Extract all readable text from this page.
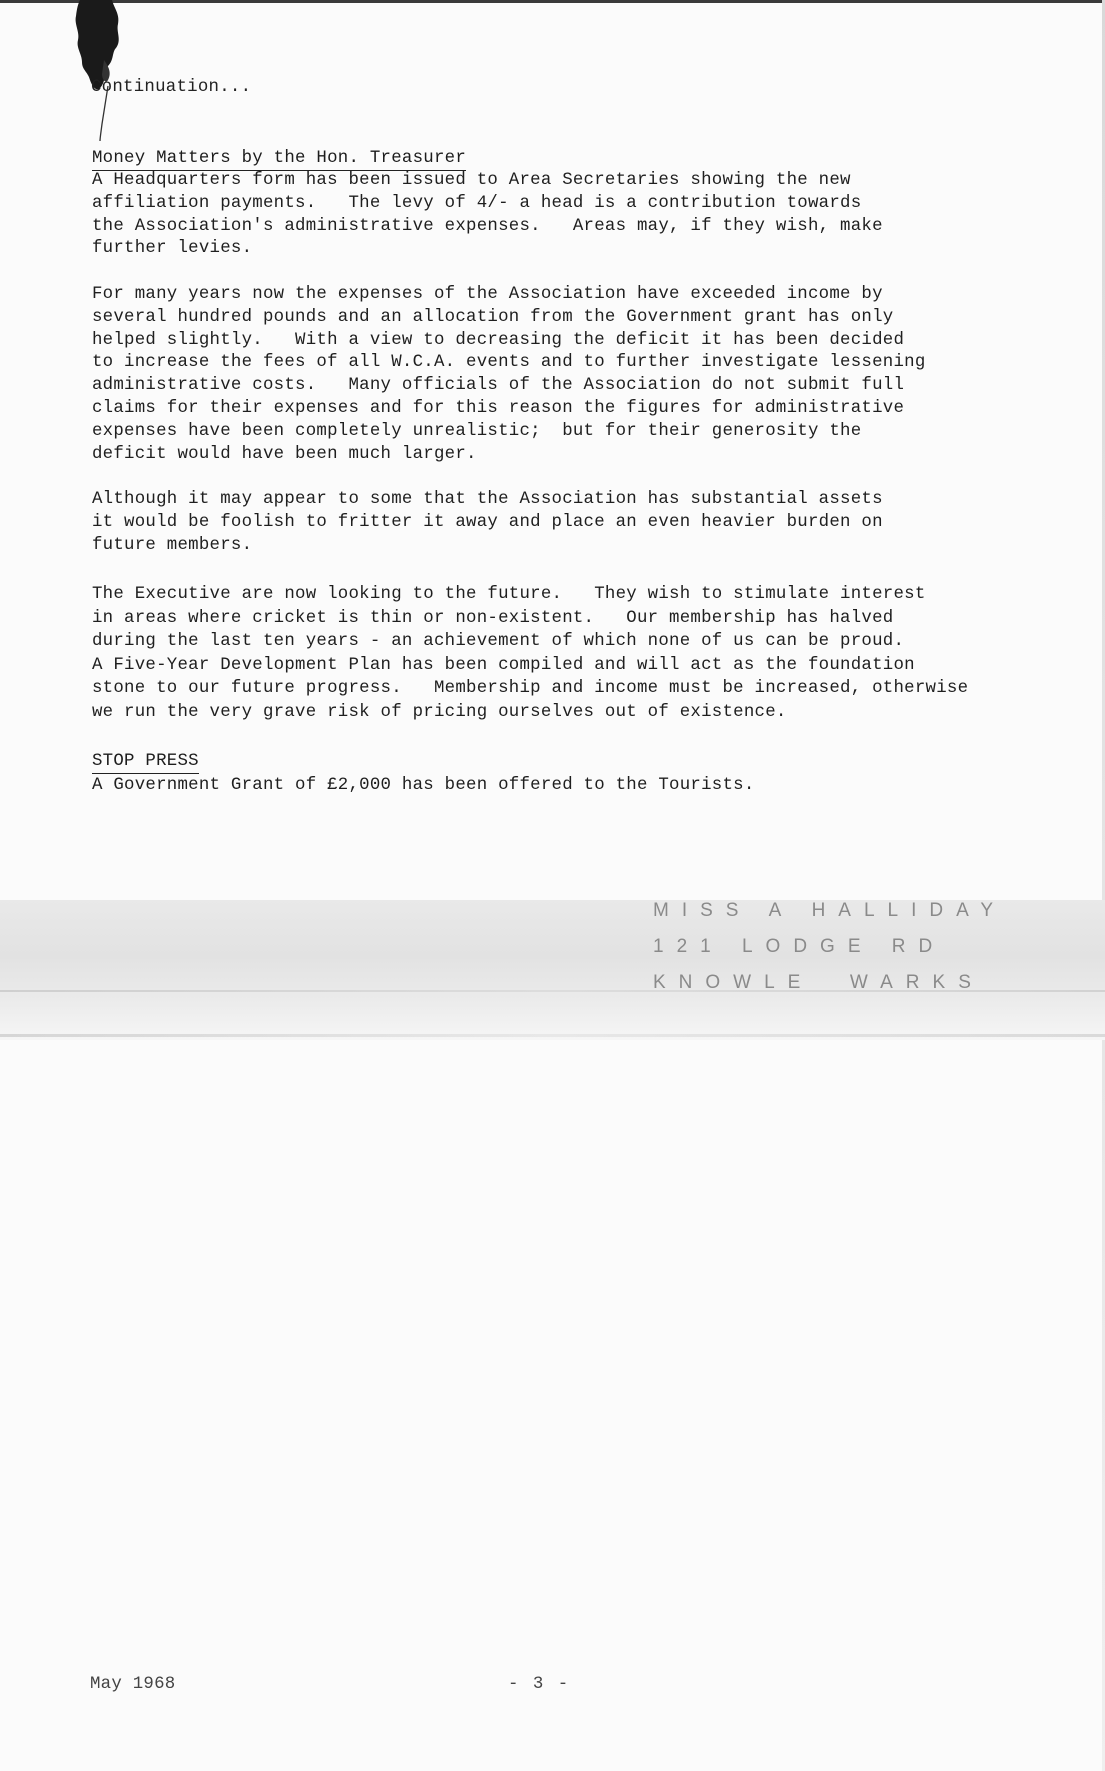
Continuation...
Money Matters by the Hon. Treasurer
A Headquarters form has been issued to Area Secretaries showing the new
affiliation payments.   The levy of 4/- a head is a contribution towards
the Association's administrative expenses.   Areas may, if they wish, make
further levies.
For many years now the expenses of the Association have exceeded income by
several hundred pounds and an allocation from the Government grant has only
helped slightly.   With a view to decreasing the deficit it has been decided
to increase the fees of all W.C.A. events and to further investigate lessening
administrative costs.   Many officials of the Association do not submit full
claims for their expenses and for this reason the figures for administrative
expenses have been completely unrealistic;  but for their generosity the
deficit would have been much larger.
Although it may appear to some that the Association has substantial assets
it would be foolish to fritter it away and place an even heavier burden on
future members.
The Executive are now looking to the future.   They wish to stimulate interest
in areas where cricket is thin or non-existent.   Our membership has halved
during the last ten years - an achievement of which none of us can be proud.
A Five-Year Development Plan has been compiled and will act as the foundation
stone to our future progress.   Membership and income must be increased, otherwise
we run the very grave risk of pricing ourselves out of existence.
STOP PRESS
A Government Grant of £2,000 has been offered to the Tourists.
MISS A HALLIDAY
121 LODGE RD
KNOWLE  WARKS
May 1968	- 3 -
